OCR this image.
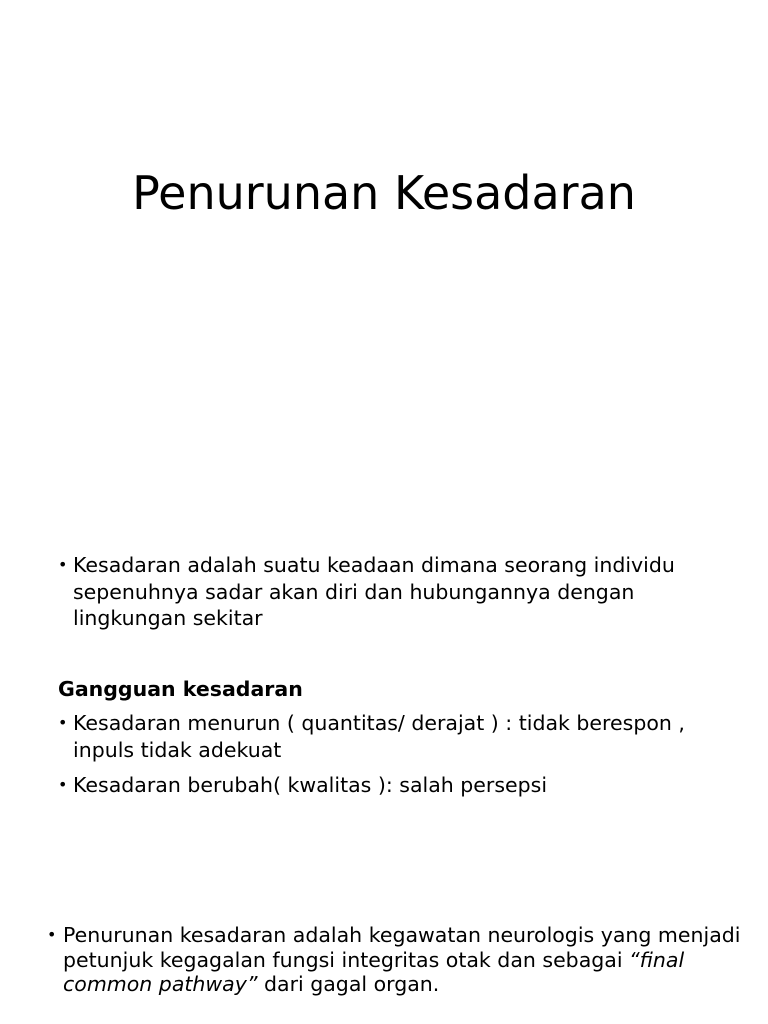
Penurunan Kesadaran
• Kesadaran adalah suatu keadaan dimana seorang individu sepenuhnya sadar akan diri dan hubungannya dengan lingkungan sekitar
Gangguan kesadaran
• Kesadaran menurun ( quantitas/ derajat ) : tidak berespon , inpuls tidak adekuat
• Kesadaran berubah( kwalitas ): salah persepsi
• Penurunan kesadaran adalah kegawatan neurologis yang menjadi petunjuk kegagalan fungsi integritas otak dan sebagai “final common pathway” dari gagal organ.
